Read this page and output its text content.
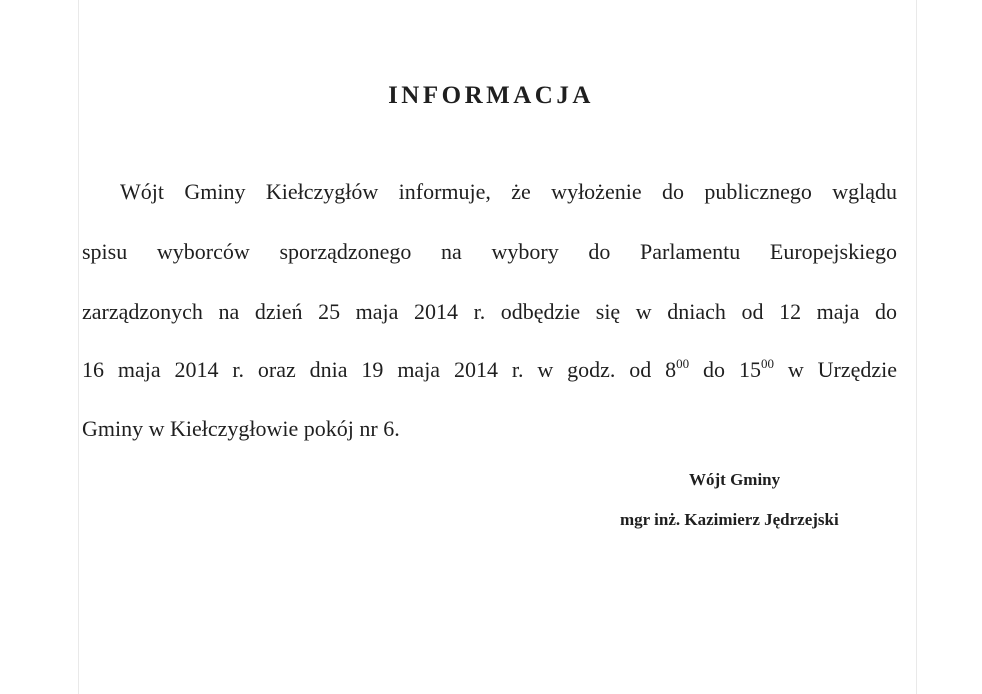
INFORMACJA
Wójt Gminy Kiełczygłów informuje, że wyłożenie do publicznego wglądu
spisu wyborców sporządzonego na wybory do Parlamentu Europejskiego
zarządzonych na dzień 25 maja 2014 r. odbędzie się w dniach od 12 maja do
16 maja 2014 r. oraz dnia 19 maja 2014 r. w godz. od $8^{00}$ do $15^{00}$ w Urzędzie
Gminy w Kiełczygłowie pokój nr 6.
Wójt Gminy
mgr inż. Kazimierz Jędrzejski
